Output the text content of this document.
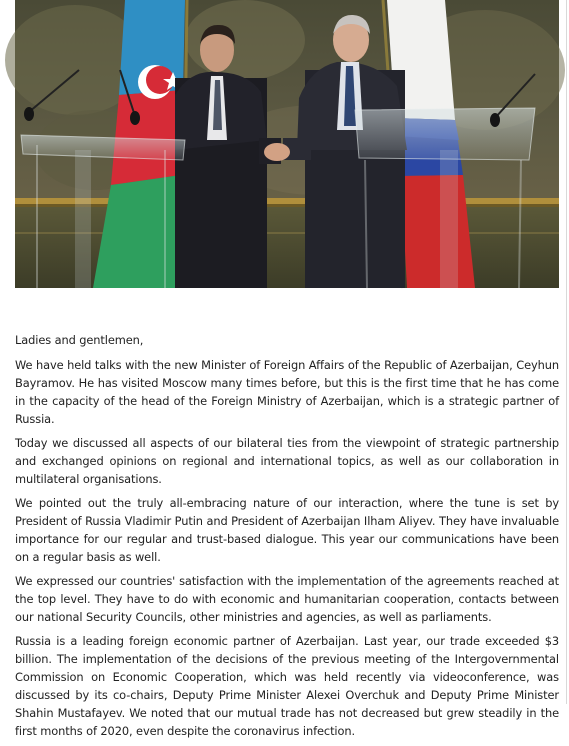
Ladies and gentlemen,

We have held talks with the new Minister of Foreign Affairs of the Republic of Azerbaijan, Ceyhun Bayramov. He has visited Moscow many times before, but this is the first time that he has come in the capacity of the head of the Foreign Ministry of Azerbaijan, which is a strategic partner of Russia.

Today we discussed all aspects of our bilateral ties from the viewpoint of strategic partnership and exchanged opinions on regional and international topics, as well as our collaboration in multilateral organisations.

We pointed out the truly all-embracing nature of our interaction, where the tune is set by President of Russia Vladimir Putin and President of Azerbaijan Ilham Aliyev. They have invaluable importance for our regular and trust-based dialogue. This year our communications have been on a regular basis as well.

We expressed our countries' satisfaction with the implementation of the agreements reached at the top level. They have to do with economic and humanitarian cooperation, contacts between our national Security Councils, other ministries and agencies, as well as parliaments.

Russia is a leading foreign economic partner of Azerbaijan. Last year, our trade exceeded $3 billion. The implementation of the decisions of the previous meeting of the Intergovernmental Commission on Economic Cooperation, which was held recently via videoconference, was discussed by its co-chairs, Deputy Prime Minister Alexei Overchuk and Deputy Prime Minister Shahin Mustafayev. We noted that our mutual trade has not decreased but grew steadily in the first months of 2020, even despite the coronavirus infection.
